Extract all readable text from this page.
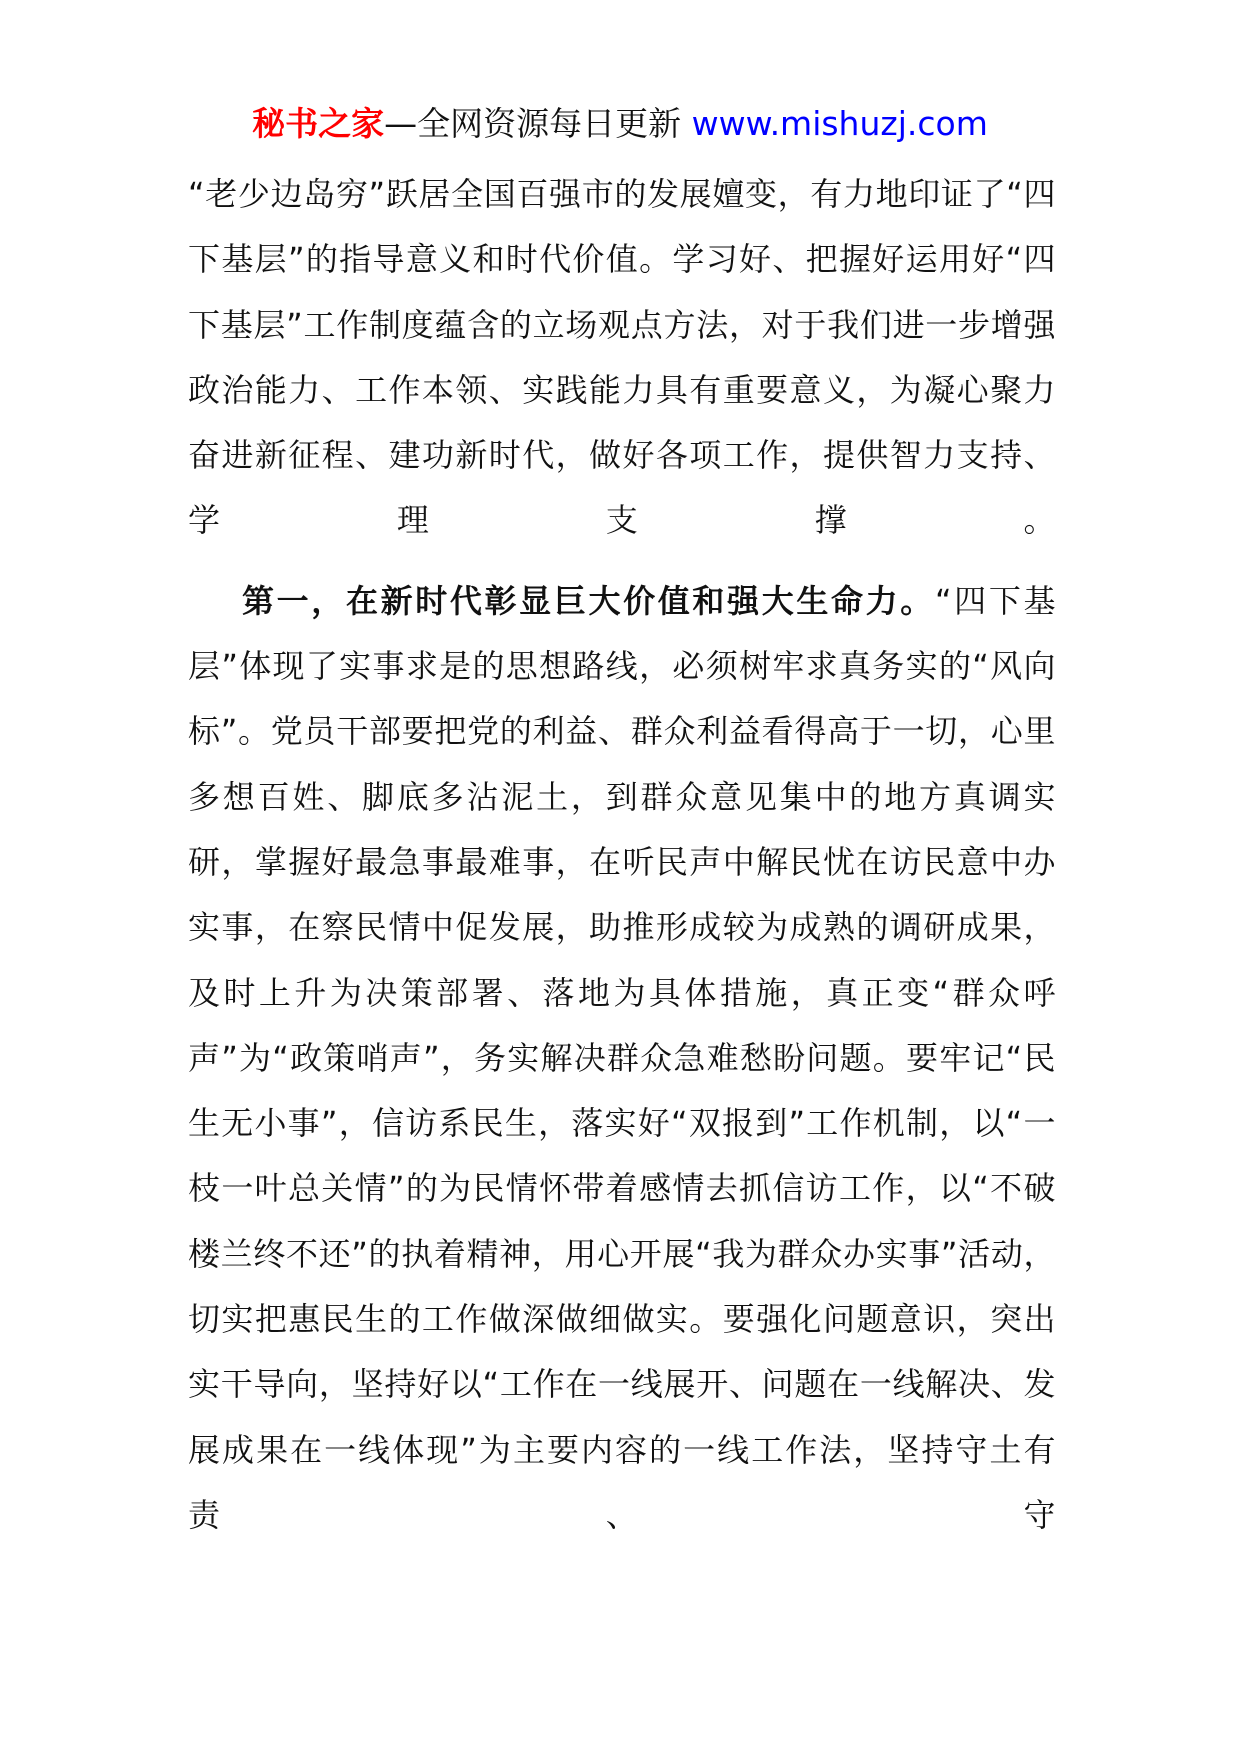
秘书之家—全网资源每日更新 www.mishuzj.com

“老少边岛穷”跃居全国百强市的发展嬗变，有力地印证了“四下基层”的指导意义和时代价值。学习好、把握好运用好“四下基层”工作制度蕴含的立场观点方法，对于我们进一步增强政治能力、工作本领、实践能力具有重要意义，为凝心聚力奋进新征程、建功新时代，做好各项工作，提供智力支持、学理支撑。

第一，在新时代彰显巨大价值和强大生命力。“四下基层”体现了实事求是的思想路线，必须树牢求真务实的“风向标”。党员干部要把党的利益、群众利益看得高于一切，心里多想百姓、脚底多沾泥土，到群众意见集中的地方真调实研，掌握好最急事最难事，在听民声中解民忧在访民意中办实事，在察民情中促发展，助推形成较为成熟的调研成果，及时上升为决策部署、落地为具体措施，真正变“群众呼声”为“政策哨声”，务实解决群众急难愁盼问题。要牢记“民生无小事”，信访系民生，落实好“双报到”工作机制，以“一枝一叶总关情”的为民情怀带着感情去抓信访工作，以“不破楼兰终不还”的执着精神，用心开展“我为群众办实事”活动，切实把惠民生的工作做深做细做实。要强化问题意识，突出实干导向，坚持好以“工作在一线展开、问题在一线解决、发展成果在一线体现”为主要内容的一线工作法，坚持守土有责、守
